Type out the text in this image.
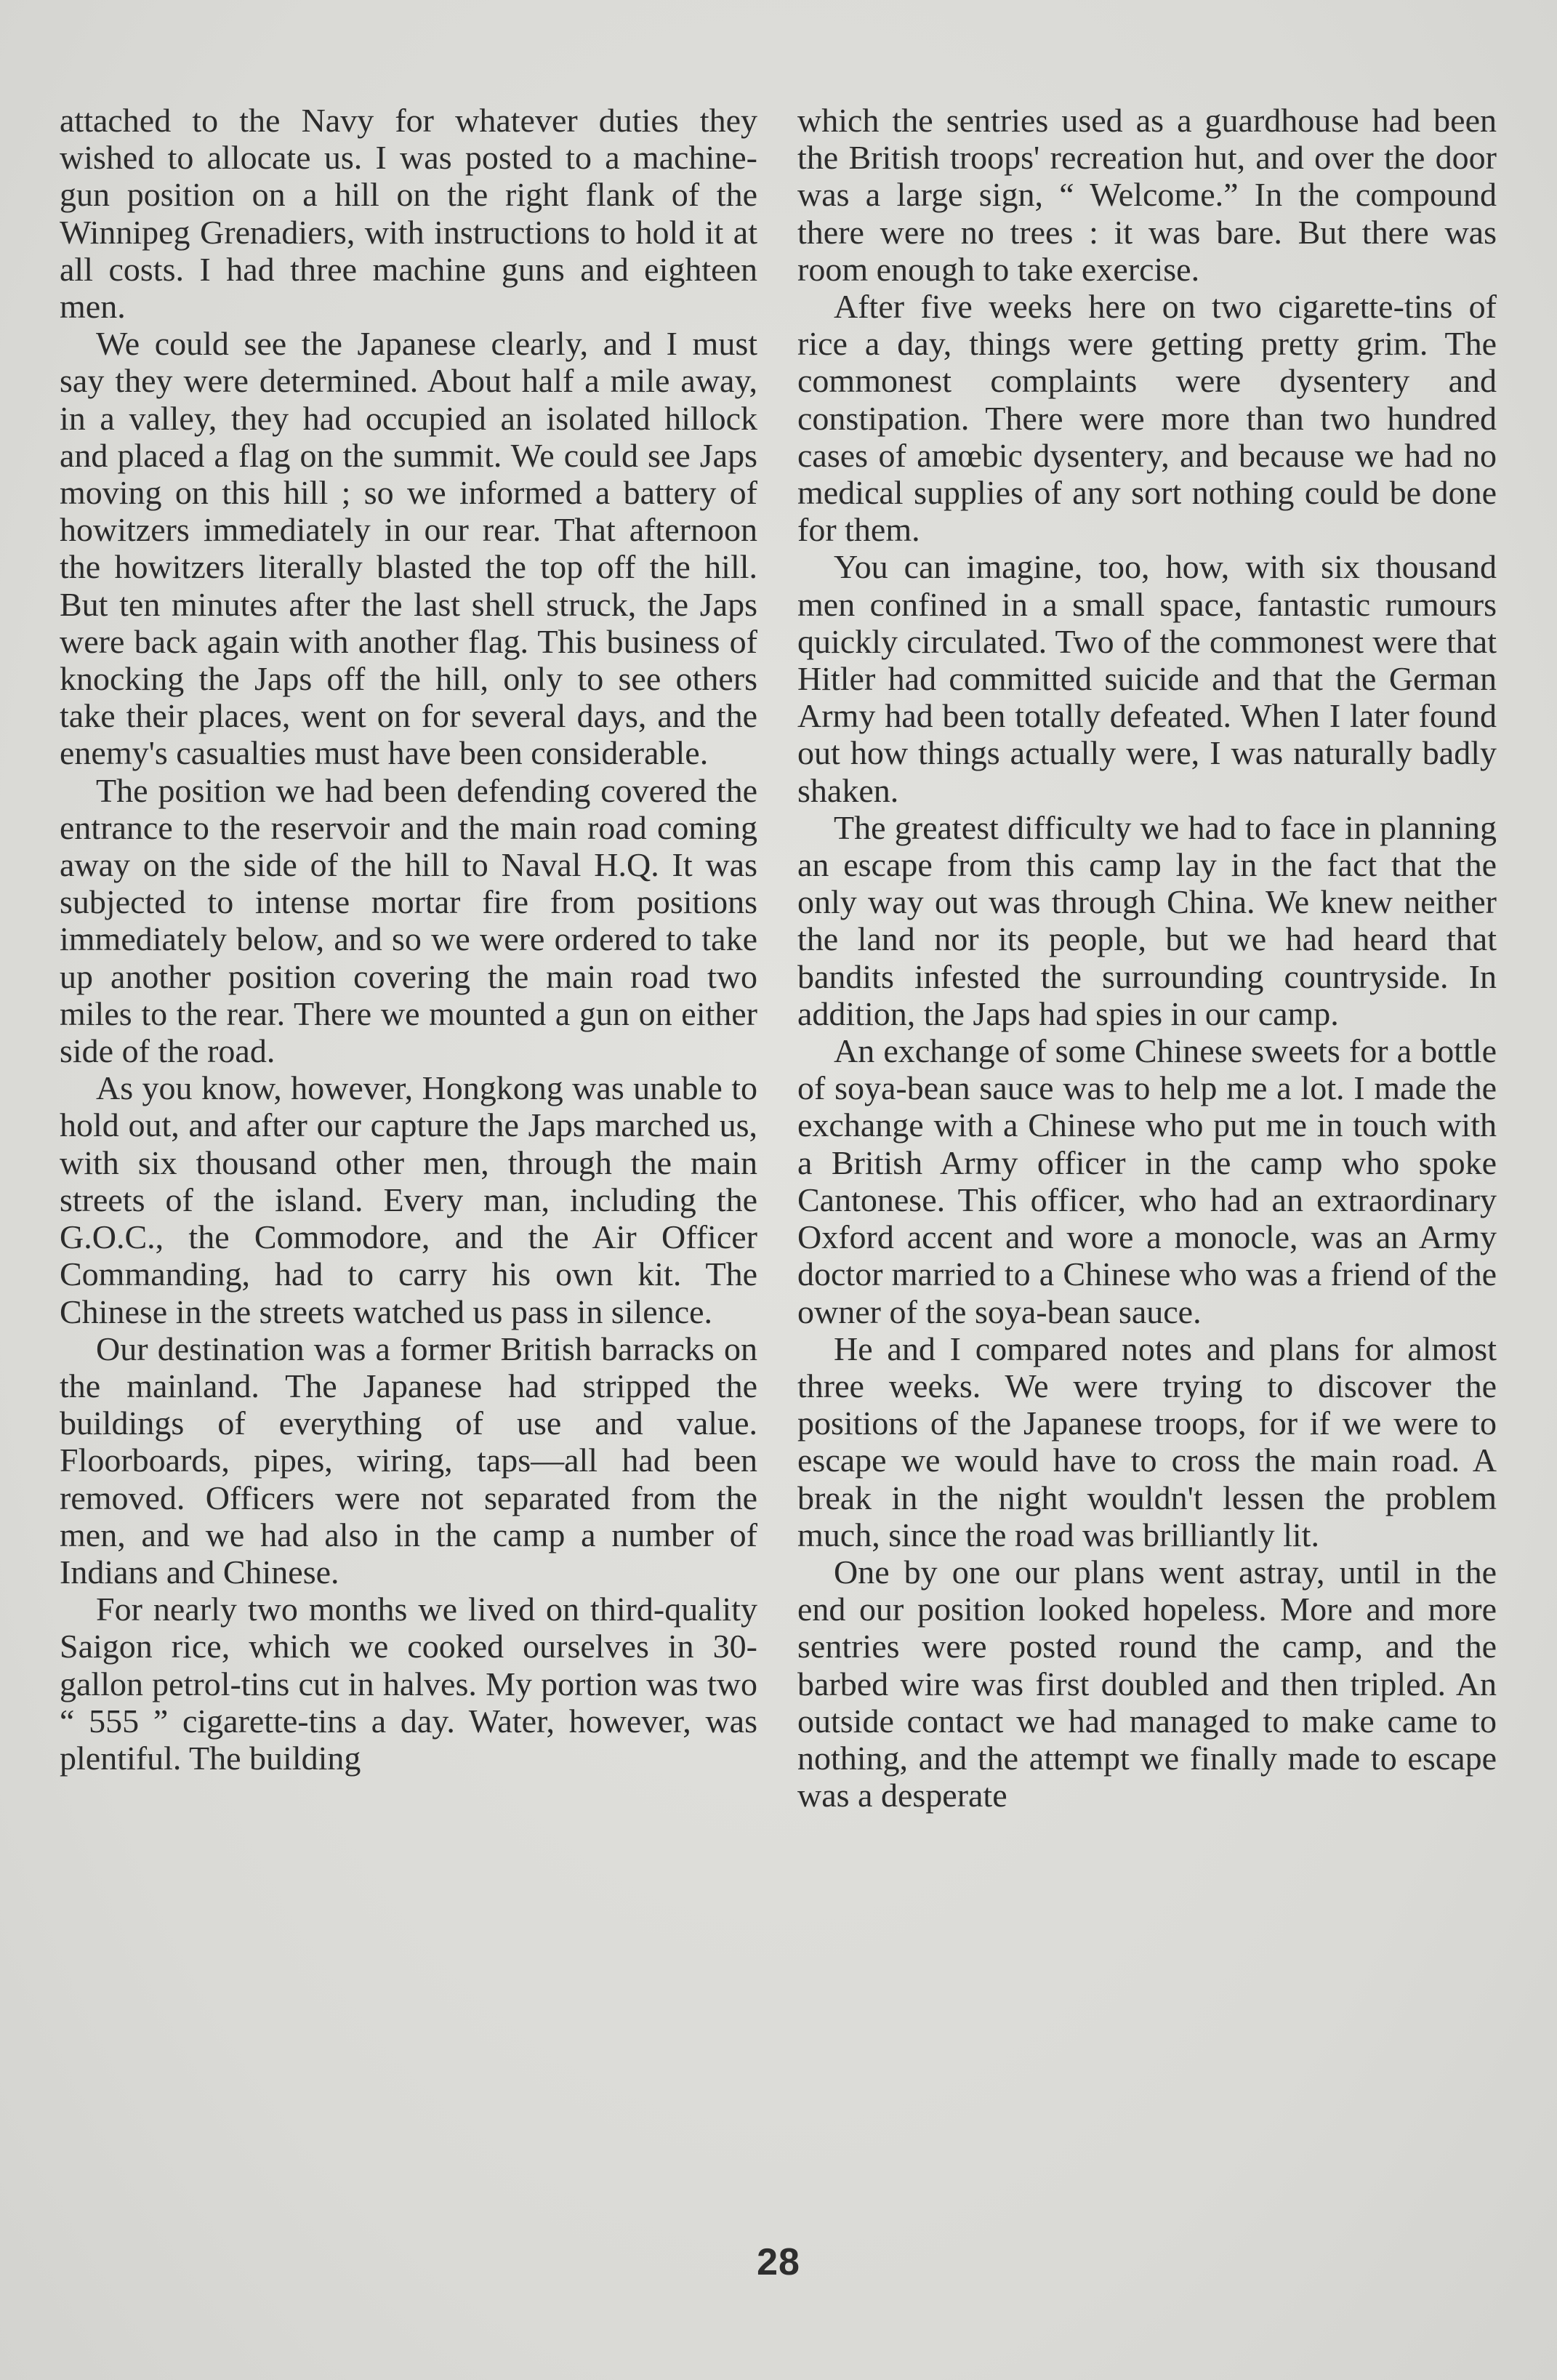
attached to the Navy for whatever duties they wished to allocate us. I was posted to a machine-gun position on a hill on the right flank of the Winnipeg Grenadiers, with instructions to hold it at all costs. I had three machine guns and eighteen men.

We could see the Japanese clearly, and I must say they were determined. About half a mile away, in a valley, they had occupied an isolated hillock and placed a flag on the summit. We could see Japs moving on this hill ; so we informed a battery of howitzers immediately in our rear. That afternoon the howitzers literally blasted the top off the hill. But ten minutes after the last shell struck, the Japs were back again with another flag. This business of knocking the Japs off the hill, only to see others take their places, went on for several days, and the enemy's casualties must have been considerable.

The position we had been defending covered the entrance to the reservoir and the main road coming away on the side of the hill to Naval H.Q. It was subjected to intense mortar fire from positions immediately below, and so we were ordered to take up another position covering the main road two miles to the rear. There we mounted a gun on either side of the road.

As you know, however, Hongkong was unable to hold out, and after our capture the Japs marched us, with six thousand other men, through the main streets of the island. Every man, including the G.O.C., the Commodore, and the Air Officer Commanding, had to carry his own kit. The Chinese in the streets watched us pass in silence.

Our destination was a former British barracks on the mainland. The Japanese had stripped the buildings of everything of use and value. Floorboards, pipes, wiring, taps—all had been removed. Officers were not separated from the men, and we had also in the camp a number of Indians and Chinese.

For nearly two months we lived on third-quality Saigon rice, which we cooked ourselves in 30-gallon petrol-tins cut in halves. My portion was two “ 555 ” cigarette-tins a day. Water, however, was plentiful. The building

which the sentries used as a guardhouse had been the British troops' recreation hut, and over the door was a large sign, “ Welcome.” In the compound there were no trees : it was bare. But there was room enough to take exercise.

After five weeks here on two cigarette-tins of rice a day, things were getting pretty grim. The commonest complaints were dysentery and constipation. There were more than two hundred cases of amœbic dysentery, and because we had no medical supplies of any sort nothing could be done for them.

You can imagine, too, how, with six thousand men confined in a small space, fantastic rumours quickly circulated. Two of the commonest were that Hitler had committed suicide and that the German Army had been totally defeated. When I later found out how things actually were, I was naturally badly shaken.

The greatest difficulty we had to face in planning an escape from this camp lay in the fact that the only way out was through China. We knew neither the land nor its people, but we had heard that bandits infested the surrounding countryside. In addition, the Japs had spies in our camp.

An exchange of some Chinese sweets for a bottle of soya-bean sauce was to help me a lot. I made the exchange with a Chinese who put me in touch with a British Army officer in the camp who spoke Cantonese. This officer, who had an extraordinary Oxford accent and wore a monocle, was an Army doctor married to a Chinese who was a friend of the owner of the soya-bean sauce.

He and I compared notes and plans for almost three weeks. We were trying to discover the positions of the Japanese troops, for if we were to escape we would have to cross the main road. A break in the night wouldn't lessen the problem much, since the road was brilliantly lit.

One by one our plans went astray, until in the end our position looked hopeless. More and more sentries were posted round the camp, and the barbed wire was first doubled and then tripled. An outside contact we had managed to make came to nothing, and the attempt we finally made to escape was a desperate

28
